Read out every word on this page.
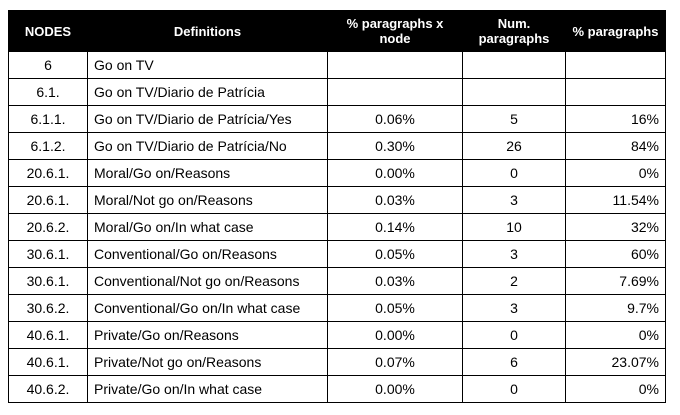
NODES	Definitions	% paragraphs x node	Num. paragraphs	% paragraphs
6	Go on TV			
6.1.	Go on TV/Diario de Patrícia			
6.1.1.	Go on TV/Diario de Patrícia/Yes	0.06%	5	16%
6.1.2.	Go on TV/Diario de Patrícia/No	0.30%	26	84%
20.6.1.	Moral/Go on/Reasons	0.00%	0	0%
20.6.1.	Moral/Not go on/Reasons	0.03%	3	11.54%
20.6.2.	Moral/Go on/In what case	0.14%	10	32%
30.6.1.	Conventional/Go on/Reasons	0.05%	3	60%
30.6.1.	Conventional/Not go on/Reasons	0.03%	2	7.69%
30.6.2.	Conventional/Go on/In what case	0.05%	3	9.7%
40.6.1.	Private/Go on/Reasons	0.00%	0	0%
40.6.1.	Private/Not go on/Reasons	0.07%	6	23.07%
40.6.2.	Private/Go on/In what case	0.00%	0	0%
